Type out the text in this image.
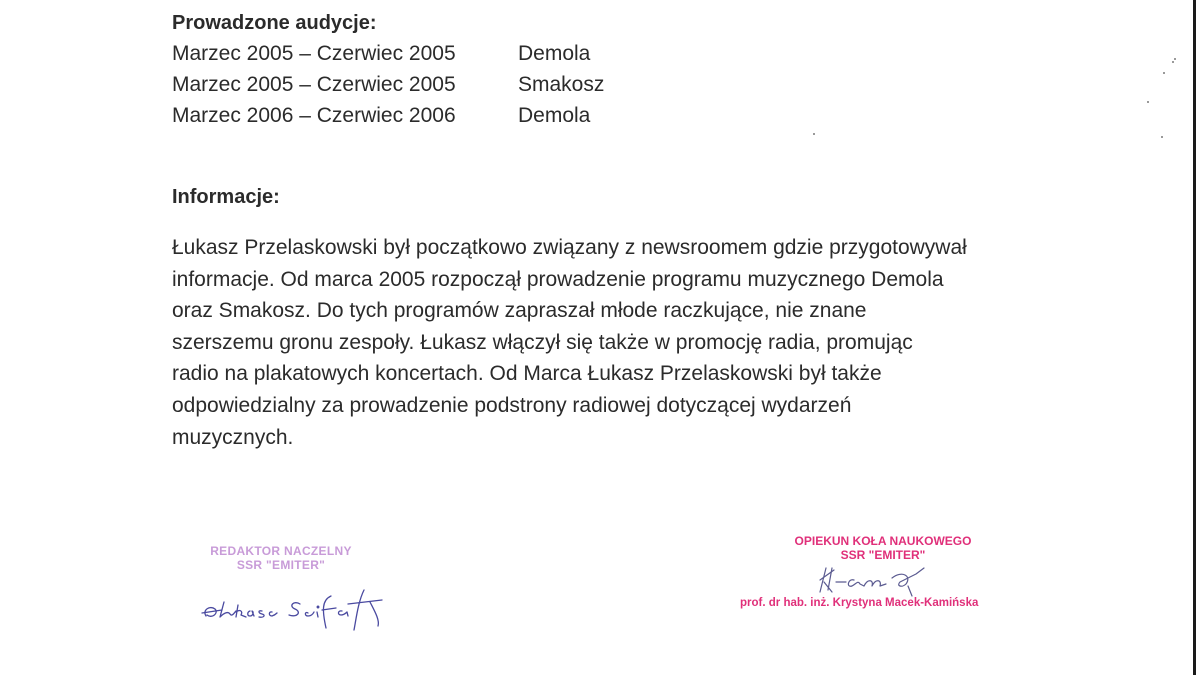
Prowadzone audycje:
Marzec 2005 – Czerwiec 2005	Demola
Marzec 2005 – Czerwiec 2005	Smakosz
Marzec 2006 – Czerwiec 2006	Demola
Informacje:

Łukasz Przelaskowski był początkowo związany z newsroomem gdzie przygotowywał
informacje. Od marca 2005 rozpoczął prowadzenie programu muzycznego Demola
oraz Smakosz. Do tych programów zapraszał młode raczkujące, nie znane
szerszemu gronu zespoły. Łukasz włączył się także w promocję radia, promując
radio na plakatowych koncertach. Od Marca Łukasz Przelaskowski był także
odpowiedzialny za prowadzenie podstrony radiowej dotyczącej wydarzeń
muzycznych.

REDAKTOR NACZELNY
SSR "EMITER"
OPIEKUN KOŁA NAUKOWEGO
SSR "EMITER"
prof. dr hab. inż. Krystyna Macek-Kamińska
